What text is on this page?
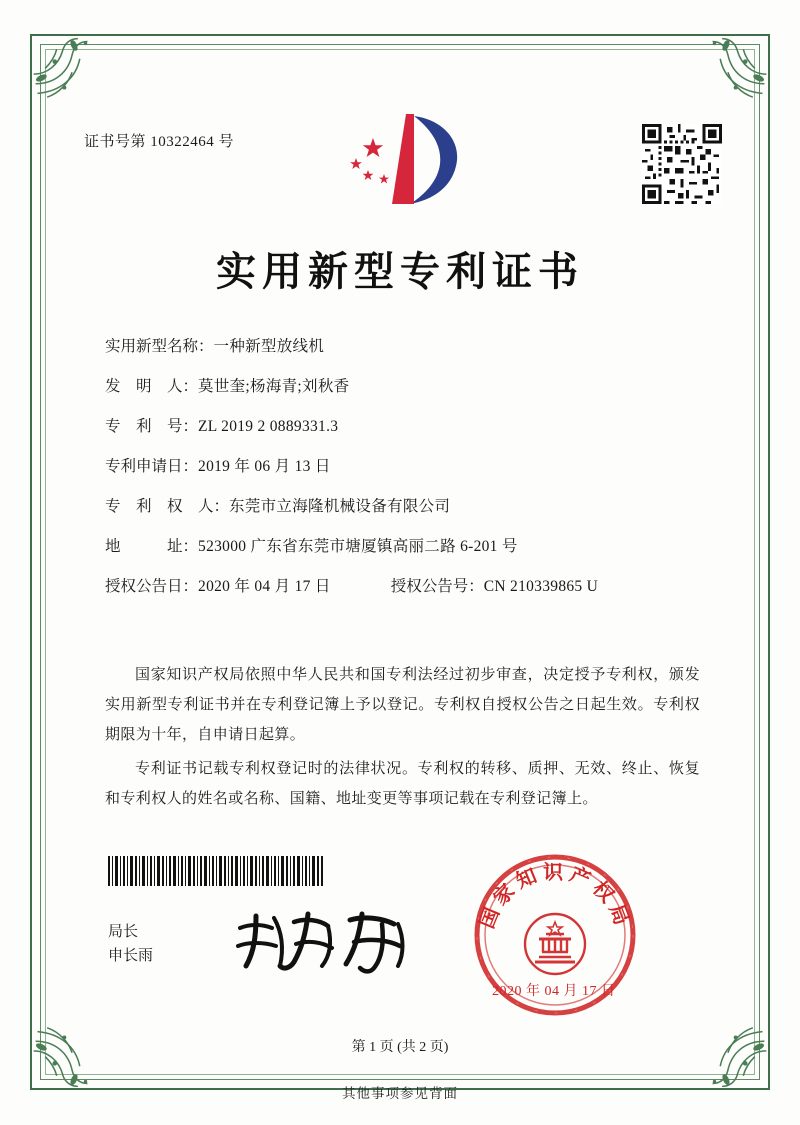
证书号第 10322464 号
实用新型专利证书
实用新型名称： 一种新型放线机
发　明　人： 莫世奎;杨海青;刘秋香
专　利　号： ZL 2019 2 0889331.3
专利申请日： 2019 年 06 月 13 日
专　利　权　人： 东莞市立海隆机械设备有限公司
地　　　址： 523000 广东省东莞市塘厦镇高丽二路 6-201 号
授权公告日： 2020 年 04 月 17 日	授权公告号： CN 210339865 U

国家知识产权局依照中华人民共和国专利法经过初步审查，决定授予专利权，颁发实用新型专利证书并在专利登记簿上予以登记。专利权自授权公告之日起生效。专利权期限为十年，自申请日起算。

专利证书记载专利权登记时的法律状况。专利权的转移、质押、无效、终止、恢复和专利权人的姓名或名称、国籍、地址变更等事项记载在专利登记簿上。

局长
申长雨
国家知识产权局
2020 年 04 月 17 日
第 1 页 (共 2 页)
其他事项参见背面
